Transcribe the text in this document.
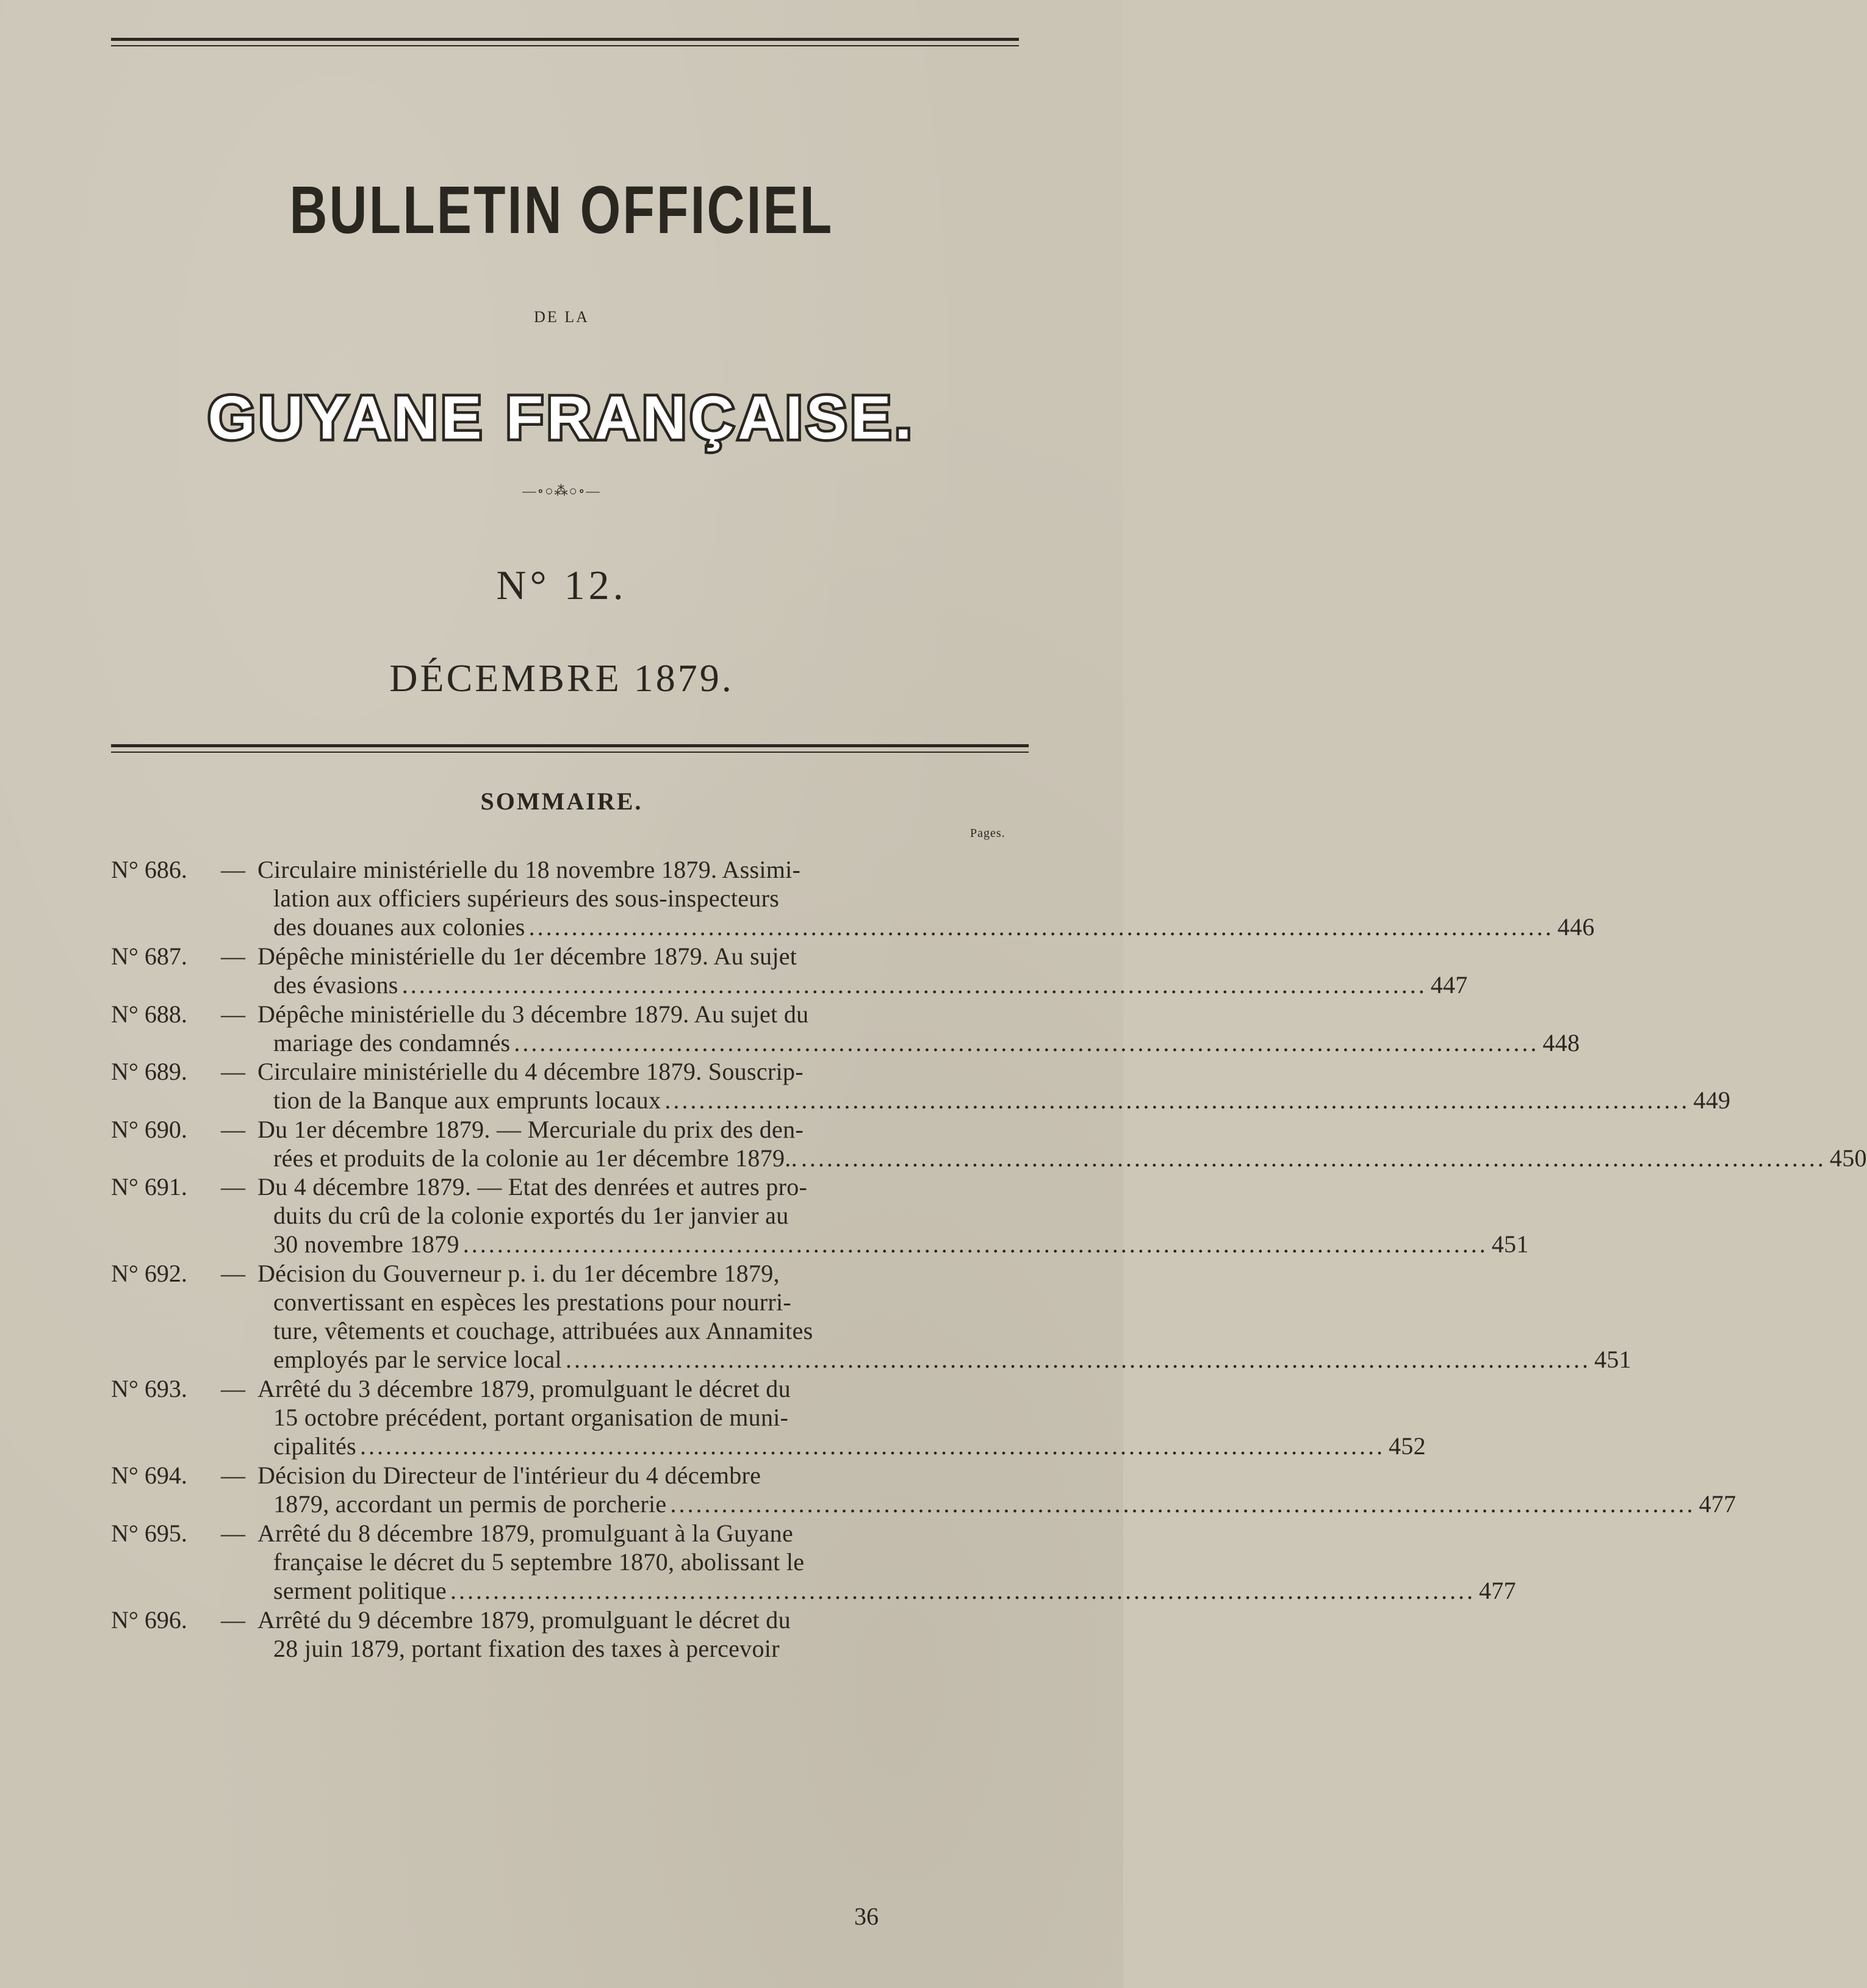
BULLETIN OFFICIEL
DE LA
GUYANE FRANÇAISE.
—∘○⁂○∘—
N° 12.
DÉCEMBRE 1879.
SOMMAIRE.
Pages.
N° 686. — Circulaire ministérielle du 18 novembre 1879. Assimi-
lation aux officiers supérieurs des sous-inspecteurs
des douanes aux colonies ........................................................................................................................ 446
N° 687. — Dépêche ministérielle du 1er décembre 1879. Au sujet
des évasions ........................................................................................................................ 447
N° 688. — Dépêche ministérielle du 3 décembre 1879. Au sujet du
mariage des condamnés ........................................................................................................................ 448
N° 689. — Circulaire ministérielle du 4 décembre 1879. Souscrip-
tion de la Banque aux emprunts locaux ........................................................................................................................ 449
N° 690. — Du 1er décembre 1879. — Mercuriale du prix des den-
rées et produits de la colonie au 1er décembre 1879.. ........................................................................................................................ 450
N° 691. — Du 4 décembre 1879. — Etat des denrées et autres pro-
duits du crû de la colonie exportés du 1er janvier au
30 novembre 1879 ........................................................................................................................ 451
N° 692. — Décision du Gouverneur p. i. du 1er décembre 1879,
convertissant en espèces les prestations pour nourri-
ture, vêtements et couchage, attribuées aux Annamites
employés par le service local ........................................................................................................................ 451
N° 693. — Arrêté du 3 décembre 1879, promulguant le décret du
15 octobre précédent, portant organisation de muni-
cipalités ........................................................................................................................ 452
N° 694. — Décision du Directeur de l'intérieur du 4 décembre
1879, accordant un permis de porcherie ........................................................................................................................ 477
N° 695. — Arrêté du 8 décembre 1879, promulguant à la Guyane
française le décret du 5 septembre 1870, abolissant le
serment politique ........................................................................................................................ 477
N° 696. — Arrêté du 9 décembre 1879, promulguant le décret du
28 juin 1879, portant fixation des taxes à percevoir
36
